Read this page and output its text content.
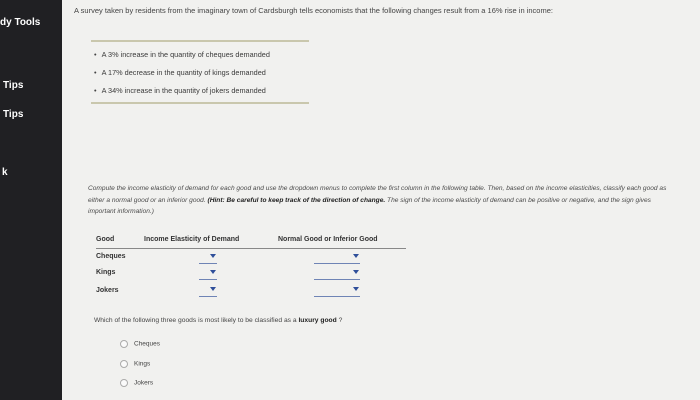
dy Tools
Tips
Tips
k
A survey taken by residents from the imaginary town of Cardsburgh tells economists that the following changes result from a 16% rise in income:
• A 3% increase in the quantity of cheques demanded
• A 17% decrease in the quantity of kings demanded
• A 34% increase in the quantity of jokers demanded
Compute the income elasticity of demand for each good and use the dropdown menus to complete the first column in the following table. Then, based on the income elasticities, classify each good as either a normal good or an inferior good. (Hint: Be careful to keep track of the direction of change. The sign of the income elasticity of demand can be positive or negative, and the sign gives important information.)
Good	Income Elasticity of Demand	Normal Good or Inferior Good
Cheques
Kings
Jokers
Which of the following three goods is most likely to be classified as a luxury good ?
Cheques
Kings
Jokers
